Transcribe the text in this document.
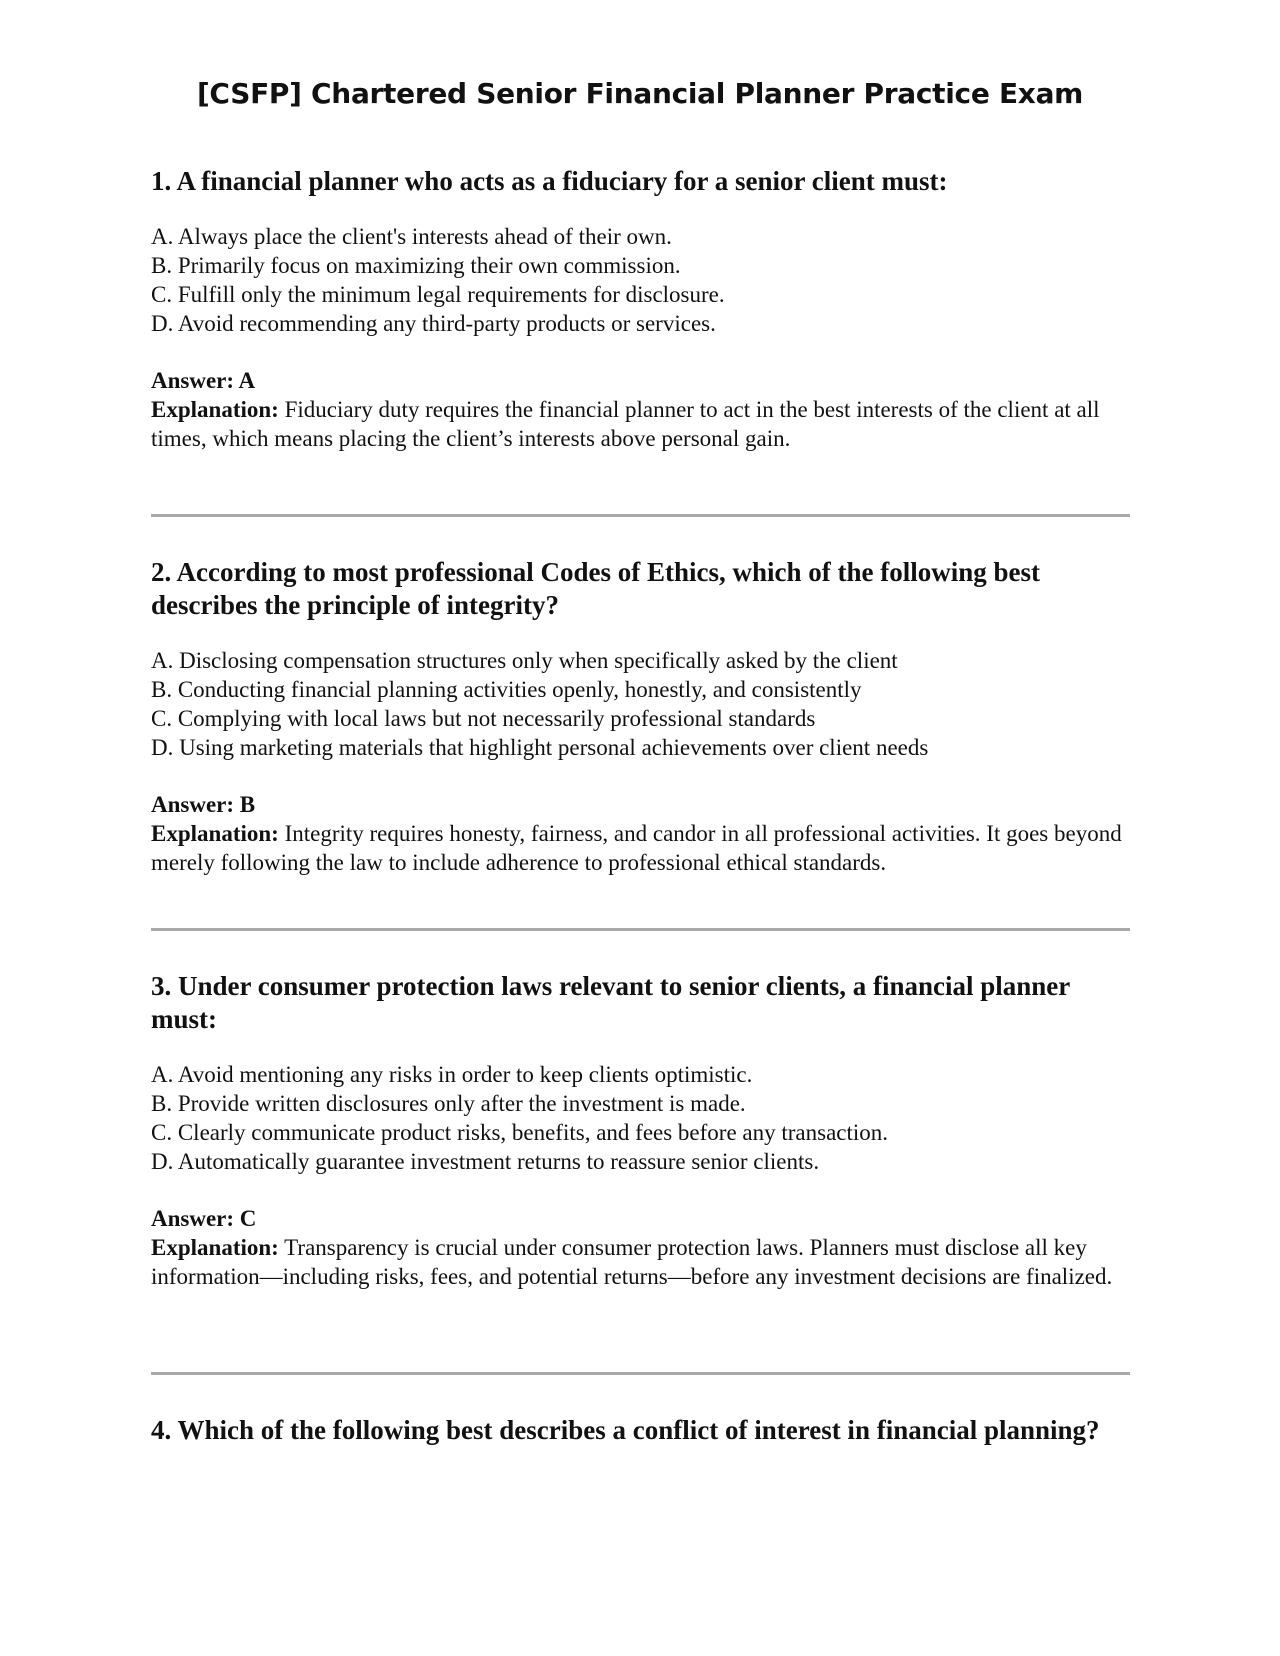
[CSFP] Chartered Senior Financial Planner Practice Exam

1. A financial planner who acts as a fiduciary for a senior client must:

A. Always place the client's interests ahead of their own.
B. Primarily focus on maximizing their own commission.
C. Fulfill only the minimum legal requirements for disclosure.
D. Avoid recommending any third-party products or services.
Answer: A
Explanation: Fiduciary duty requires the financial planner to act in the best interests of the client at all times, which means placing the client’s interests above personal gain.

2. According to most professional Codes of Ethics, which of the following best describes the principle of integrity?

A. Disclosing compensation structures only when specifically asked by the client
B. Conducting financial planning activities openly, honestly, and consistently
C. Complying with local laws but not necessarily professional standards
D. Using marketing materials that highlight personal achievements over client needs
Answer: B
Explanation: Integrity requires honesty, fairness, and candor in all professional activities. It goes beyond merely following the law to include adherence to professional ethical standards.

3. Under consumer protection laws relevant to senior clients, a financial planner must:

A. Avoid mentioning any risks in order to keep clients optimistic.
B. Provide written disclosures only after the investment is made.
C. Clearly communicate product risks, benefits, and fees before any transaction.
D. Automatically guarantee investment returns to reassure senior clients.
Answer: C
Explanation: Transparency is crucial under consumer protection laws. Planners must disclose all key information—including risks, fees, and potential returns—before any investment decisions are finalized.

4. Which of the following best describes a conflict of interest in financial planning?
